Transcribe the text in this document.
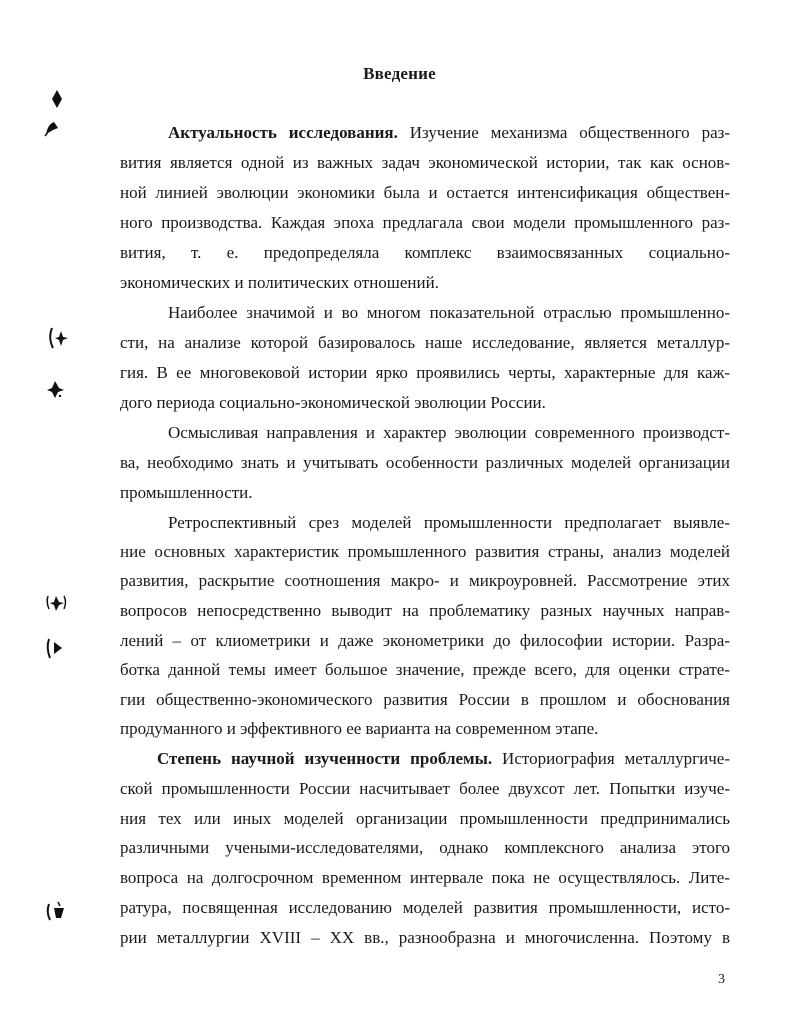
Введение
Актуальность исследования. Изучение механизма общественного раз-
вития является одной из важных задач экономической истории, так как основ-
ной линией эволюции экономики была и остается интенсификация обществен-
ного производства. Каждая эпоха предлагала свои модели промышленного раз-
вития, т. е. предопределяла комплекс взаимосвязанных социально-
экономических и политических отношений.
Наиболее значимой и во многом показательной отраслью промышленно-
сти, на анализе которой базировалось наше исследование, является металлур-
гия. В ее многовековой истории ярко проявились черты, характерные для каж-
дого периода социально-экономической эволюции России.
Осмысливая направления и характер эволюции современного производст-
ва, необходимо знать и учитывать особенности различных моделей организации
промышленности.
Ретроспективный срез моделей промышленности предполагает выявле-
ние основных характеристик промышленного развития страны, анализ моделей
развития, раскрытие соотношения макро- и микроуровней. Рассмотрение этих
вопросов непосредственно выводит на проблематику разных научных направ-
лений – от клиометрики и даже эконометрики до философии истории. Разра-
ботка данной темы имеет большое значение, прежде всего, для оценки страте-
гии общественно-экономического развития России в прошлом и обоснования
продуманного и эффективного ее варианта на современном этапе.
Степень научной изученности проблемы. Историография металлургиче-
ской промышленности России насчитывает более двухсот лет. Попытки изуче-
ния тех или иных моделей организации промышленности предпринимались
различными учеными-исследователями, однако комплексного анализа этого
вопроса на долгосрочном временном интервале пока не осуществлялось. Лите-
ратура, посвященная исследованию моделей развития промышленности, исто-
рии металлургии XVIII – XX вв., разнообразна и многочисленна. Поэтому в
3
